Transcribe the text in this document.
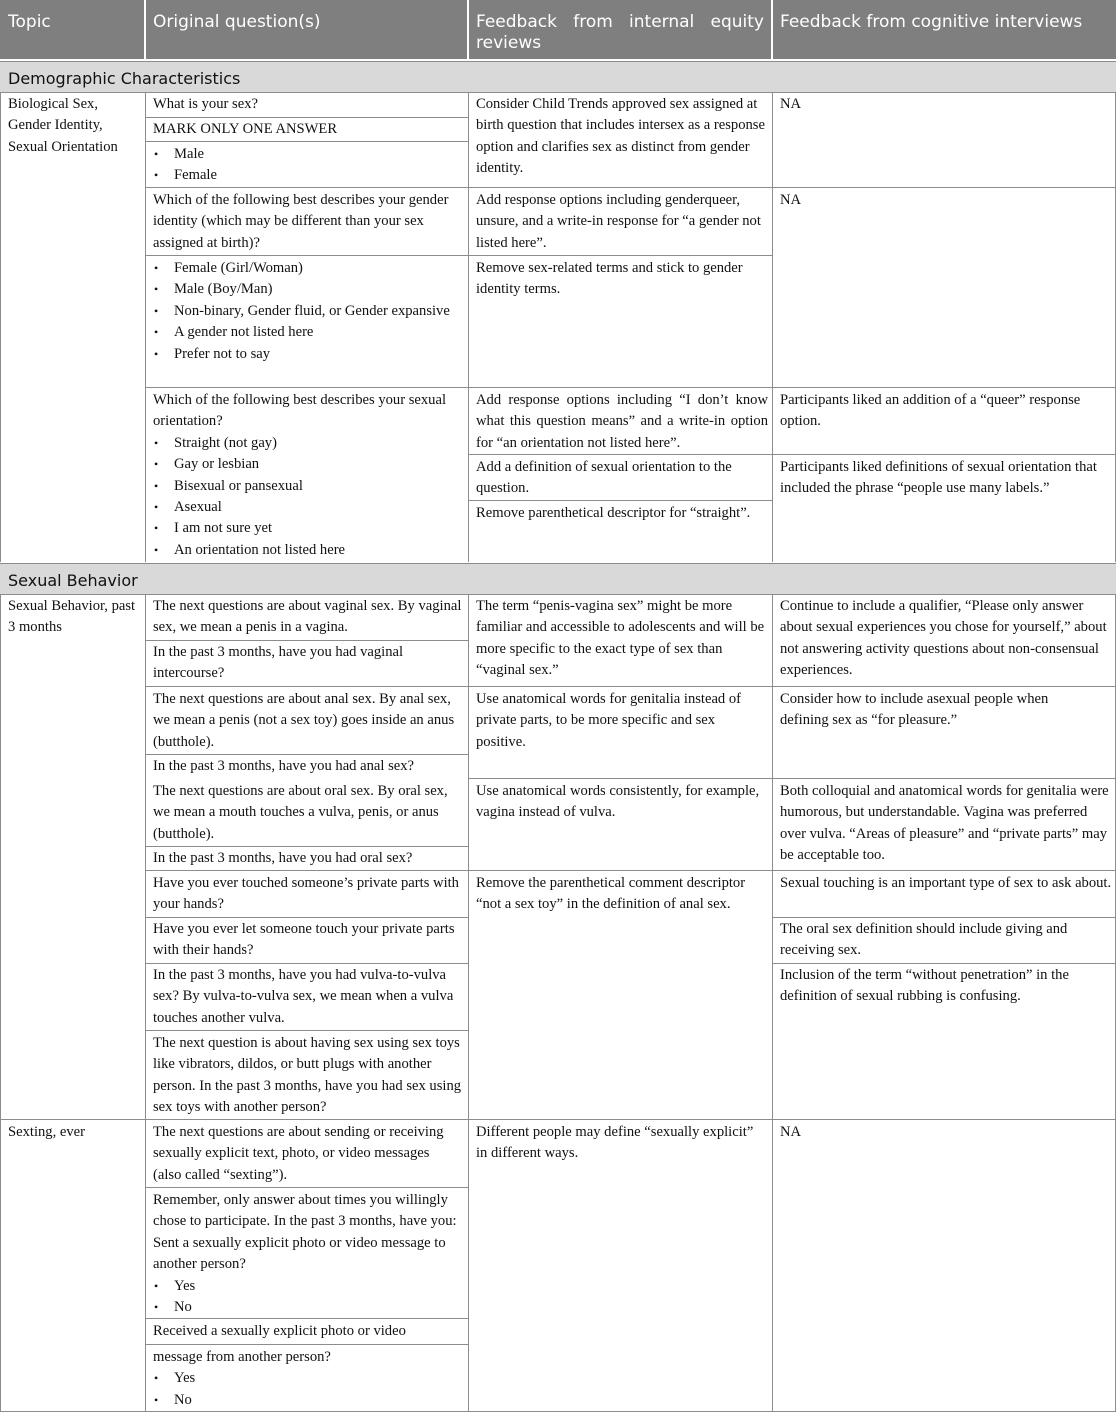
Topic	Original question(s)	Feedback from internal equity reviews
Feedback from cognitive interviews
Demographic Characteristics
Biological Sex, Gender Identity, Sexual Orientation
What is your sex?
MARK ONLY ONE ANSWER
• Male
• Female
Which of the following best describes your gender identity (which may be different than your sex assigned at birth)?
• Female (Girl/Woman)
• Male (Boy/Man)
• Non-binary, Gender fluid, or Gender expansive
• A gender not listed here
• Prefer not to say
Which of the following best describes your sexual orientation?
• Straight (not gay)
• Gay or lesbian
• Bisexual or pansexual
• Asexual
• I am not sure yet
• An orientation not listed here
Consider Child Trends approved sex assigned at birth question that includes intersex as a response option and clarifies sex as distinct from gender identity.
Add response options including genderqueer, unsure, and a write-in response for “a gender not listed here”.
Remove sex-related terms and stick to gender identity terms.
Add response options including “I don’t know what this question means” and a write-in option for “an orientation not listed here”.
Add a definition of sexual orientation to the question.
Remove parenthetical descriptor for “straight”.
NA
NA
Participants liked an addition of a “queer” response option.
Participants liked definitions of sexual orientation that included the phrase “people use many labels.”
Sexual Behavior
Sexual Behavior, past 3 months
Sexting, ever
The next questions are about vaginal sex. By vaginal sex, we mean a penis in a vagina.
In the past 3 months, have you had vaginal intercourse?
The next questions are about anal sex. By anal sex, we mean a penis (not a sex toy) goes inside an anus (butthole).
In the past 3 months, have you had anal sex?
The next questions are about oral sex. By oral sex, we mean a mouth touches a vulva, penis, or anus (butthole).
In the past 3 months, have you had oral sex?
Have you ever touched someone’s private parts with your hands?
Have you ever let someone touch your private parts with their hands?
In the past 3 months, have you had vulva-to-vulva sex? By vulva-to-vulva sex, we mean when a vulva touches another vulva.
The next question is about having sex using sex toys like vibrators, dildos, or butt plugs with another person. In the past 3 months, have you had sex using sex toys with another person?
The next questions are about sending or receiving sexually explicit text, photo, or video messages (also called “sexting”).
Remember, only answer about times you willingly chose to participate. In the past 3 months, have you: Sent a sexually explicit photo or video message to another person?
• Yes
• No
Received a sexually explicit photo or video
message from another person?
• Yes
• No
The term “penis-vagina sex” might be more familiar and accessible to adolescents and will be more specific to the exact type of sex than “vaginal sex.”
Use anatomical words for genitalia instead of private parts, to be more specific and sex positive.
Use anatomical words consistently, for example, vagina instead of vulva.
Remove the parenthetical comment descriptor “not a sex toy” in the definition of anal sex.
Different people may define “sexually explicit” in different ways.
Continue to include a qualifier, “Please only answer about sexual experiences you chose for yourself,” about not answering activity questions about non-consensual experiences.
Consider how to include asexual people when defining sex as “for pleasure.”
Both colloquial and anatomical words for genitalia were humorous, but understandable. Vagina was preferred over vulva. “Areas of pleasure” and “private parts” may be acceptable too.
Sexual touching is an important type of sex to ask about.
The oral sex definition should include giving and receiving sex.
Inclusion of the term “without penetration” in the definition of sexual rubbing is confusing.
NA
